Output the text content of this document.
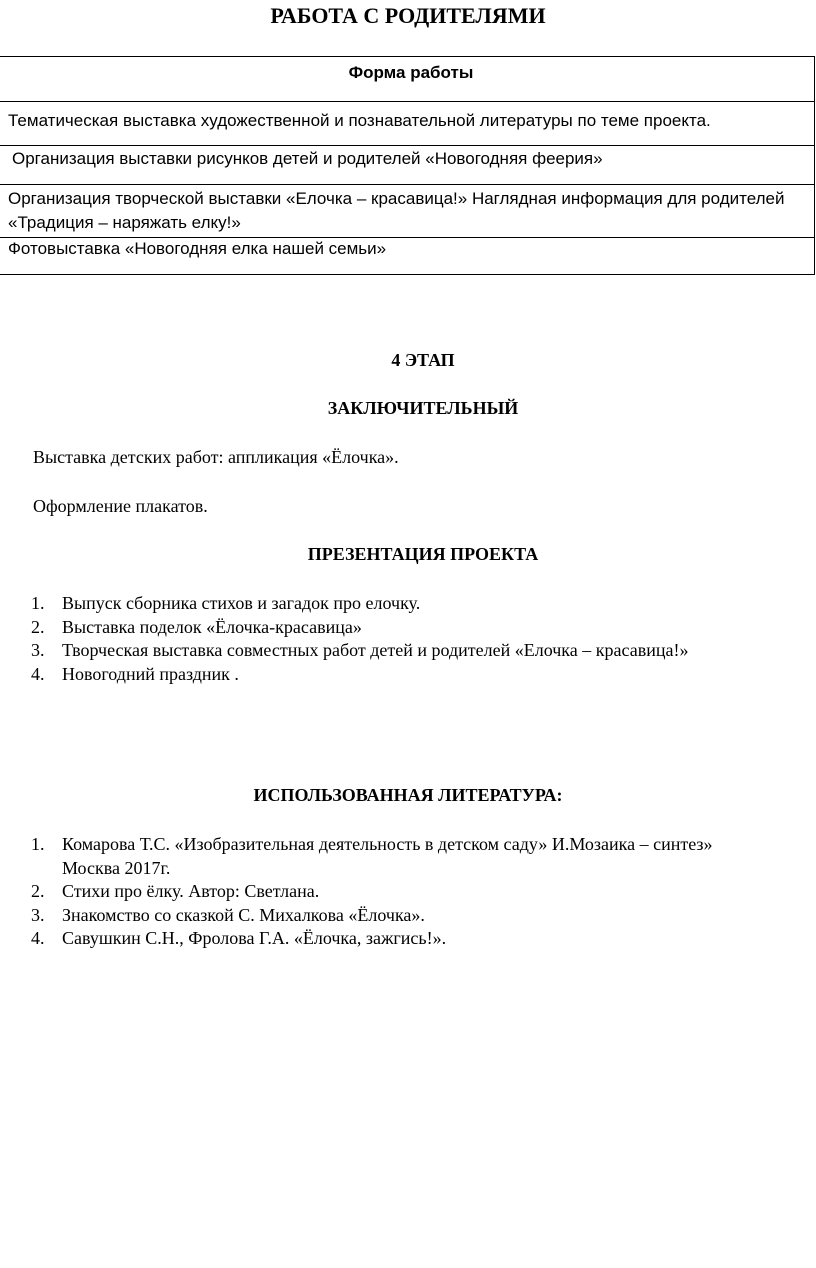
РАБОТА С РОДИТЕЛЯМИ
Форма работы
Тематическая выставка художественной и познавательной литературы по теме проекта.
Организация выставки рисунков детей и родителей «Новогодняя феерия»
Организация творческой выставки «Елочка – красавица!» Наглядная информация для родителей «Традиция – наряжать елку!»
Фотовыставка «Новогодняя елка нашей семьи»

4 ЭТАП

ЗАКЛЮЧИТЕЛЬНЫЙ

Выставка детских работ: аппликация «Ёлочка».

Оформление плакатов.

ПРЕЗЕНТАЦИЯ ПРОЕКТА

1. Выпуск сборника стихов и загадок про елочку.
2. Выставка поделок «Ёлочка-красавица»
3. Творческая выставка совместных работ детей и родителей «Елочка – красавица!»
4. Новогодний праздник .

ИСПОЛЬЗОВАННАЯ ЛИТЕРАТУРА:

1. Комарова Т.С. «Изобразительная деятельность в детском саду» И.Мозаика – синтез» Москва 2017г.
2. Стихи про ёлку. Автор: Светлана.
3. Знакомство со сказкой С. Михалкова «Ёлочка».
4. Савушкин С.Н., Фролова Г.А. «Ёлочка, зажгись!».
